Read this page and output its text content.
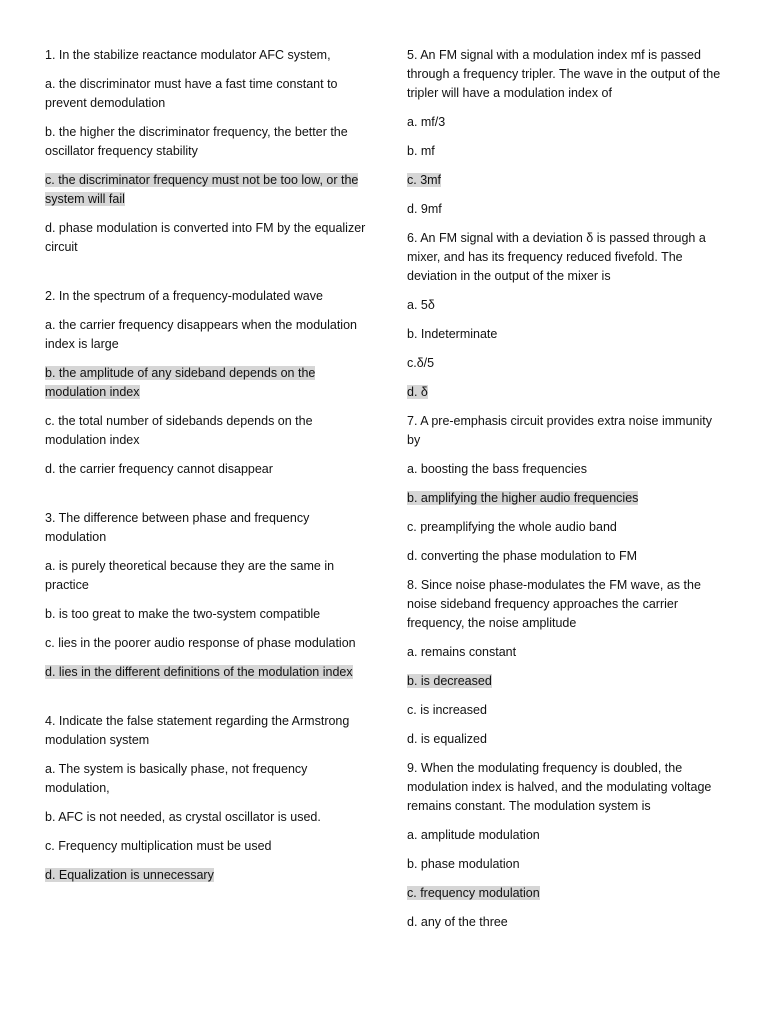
1. In the stabilize reactance modulator AFC system,

a. the discriminator must have a fast time constant to prevent demodulation

b. the higher the discriminator frequency, the better the oscillator frequency stability

c. the discriminator frequency must not be too low, or the system will fail

d. phase modulation is converted into FM by the equalizer circuit

2. In the spectrum of a frequency-modulated wave

a. the carrier frequency disappears when the modulation index is large

b. the amplitude of any sideband depends on the modulation index

c. the total number of sidebands depends on the modulation index

d. the carrier frequency cannot disappear

3. The difference between phase and frequency modulation

a. is purely theoretical because they are the same in practice

b. is too great to make the two-system compatible

c. lies in the poorer audio response of phase modulation

d. lies in the different definitions of the modulation index

4. Indicate the false statement regarding the Armstrong modulation system

a. The system is basically phase, not frequency modulation,

b. AFC is not needed, as crystal oscillator is used.

c. Frequency multiplication must be used

d. Equalization is unnecessary

5. An FM signal with a modulation index mf is passed through a frequency tripler. The wave in the output of the tripler will have a modulation index of

a. mf/3

b. mf

c. 3mf

d. 9mf

6. An FM signal with a deviation δ is passed through a mixer, and has its frequency reduced fivefold. The deviation in the output of the mixer is

a. 5δ

b. Indeterminate

c.δ/5

d. δ

7. A pre-emphasis circuit provides extra noise immunity by

a. boosting the bass frequencies

b. amplifying the higher audio frequencies

c. preamplifying the whole audio band

d. converting the phase modulation to FM

8. Since noise phase-modulates the FM wave, as the noise sideband frequency approaches the carrier frequency, the noise amplitude

a. remains constant

b. is decreased

c. is increased

d. is equalized

9. When the modulating frequency is doubled, the modulation index is halved, and the modulating voltage remains constant. The modulation system is

a. amplitude modulation

b. phase modulation

c. frequency modulation

d. any of the three
